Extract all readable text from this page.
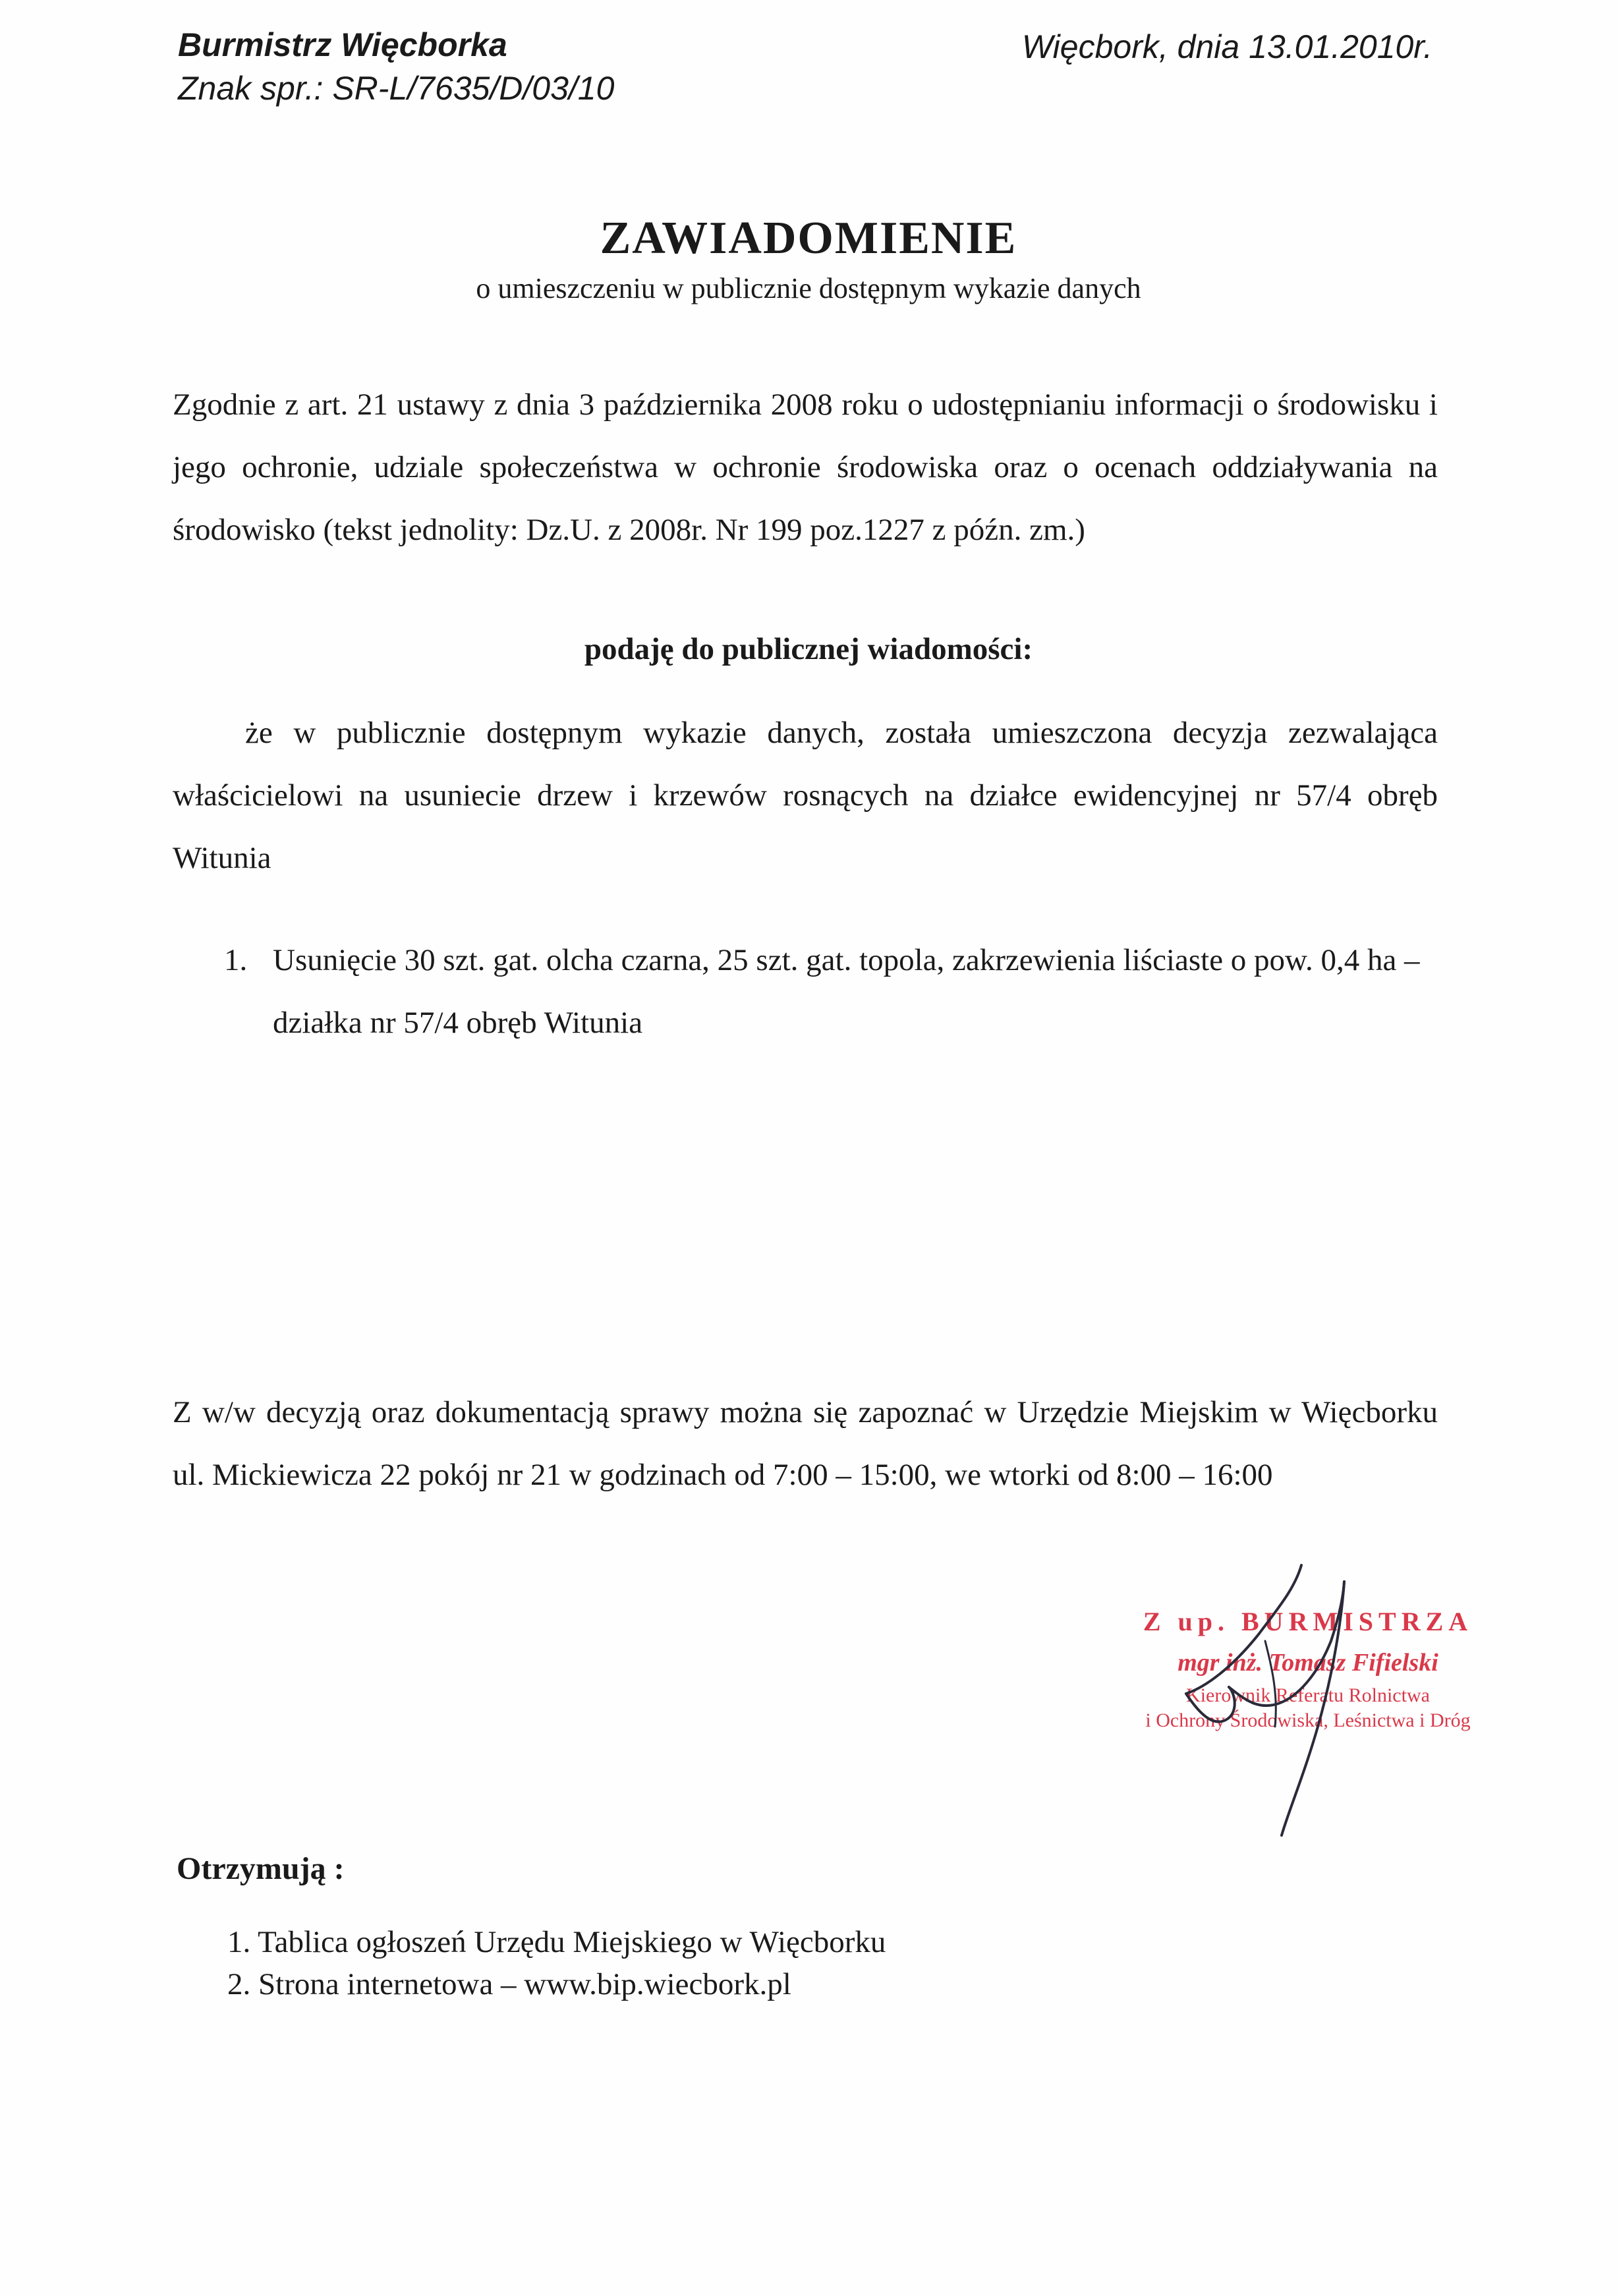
Burmistrz Więcborka
Znak spr.: SR-L/7635/D/03/10
Więcbork, dnia 13.01.2010r.
ZAWIADOMIENIE
o umieszczeniu w publicznie dostępnym wykazie danych
Zgodnie z art. 21 ustawy z dnia 3 października 2008 roku o udostępnianiu informacji o środowisku i jego ochronie, udziale społeczeństwa w ochronie środowiska oraz o ocenach oddziaływania na środowisko (tekst jednolity: Dz.U. z 2008r. Nr 199 poz.1227 z późn. zm.)
podaję do publicznej wiadomości:
że w publicznie dostępnym wykazie danych, została umieszczona decyzja zezwalająca właścicielowi na usuniecie drzew i krzewów rosnących na działce ewidencyjnej nr 57/4 obręb Witunia
1. Usunięcie 30 szt. gat. olcha czarna, 25 szt. gat. topola, zakrzewienia liściaste o pow. 0,4 ha – działka nr 57/4 obręb Witunia
Z w/w decyzją oraz dokumentacją sprawy można się zapoznać w Urzędzie Miejskim w Więcborku ul. Mickiewicza 22 pokój nr 21 w godzinach od 7:00 – 15:00, we wtorki od 8:00 – 16:00
Z up. BURMISTRZA
mgr inż. Tomasz Fifielski
Kierownik Referatu Rolnictwa
i Ochrony Środowiska, Leśnictwa i Dróg
Otrzymują :
1. Tablica ogłoszeń Urzędu Miejskiego w Więcborku
2. Strona internetowa – www.bip.wiecbork.pl
